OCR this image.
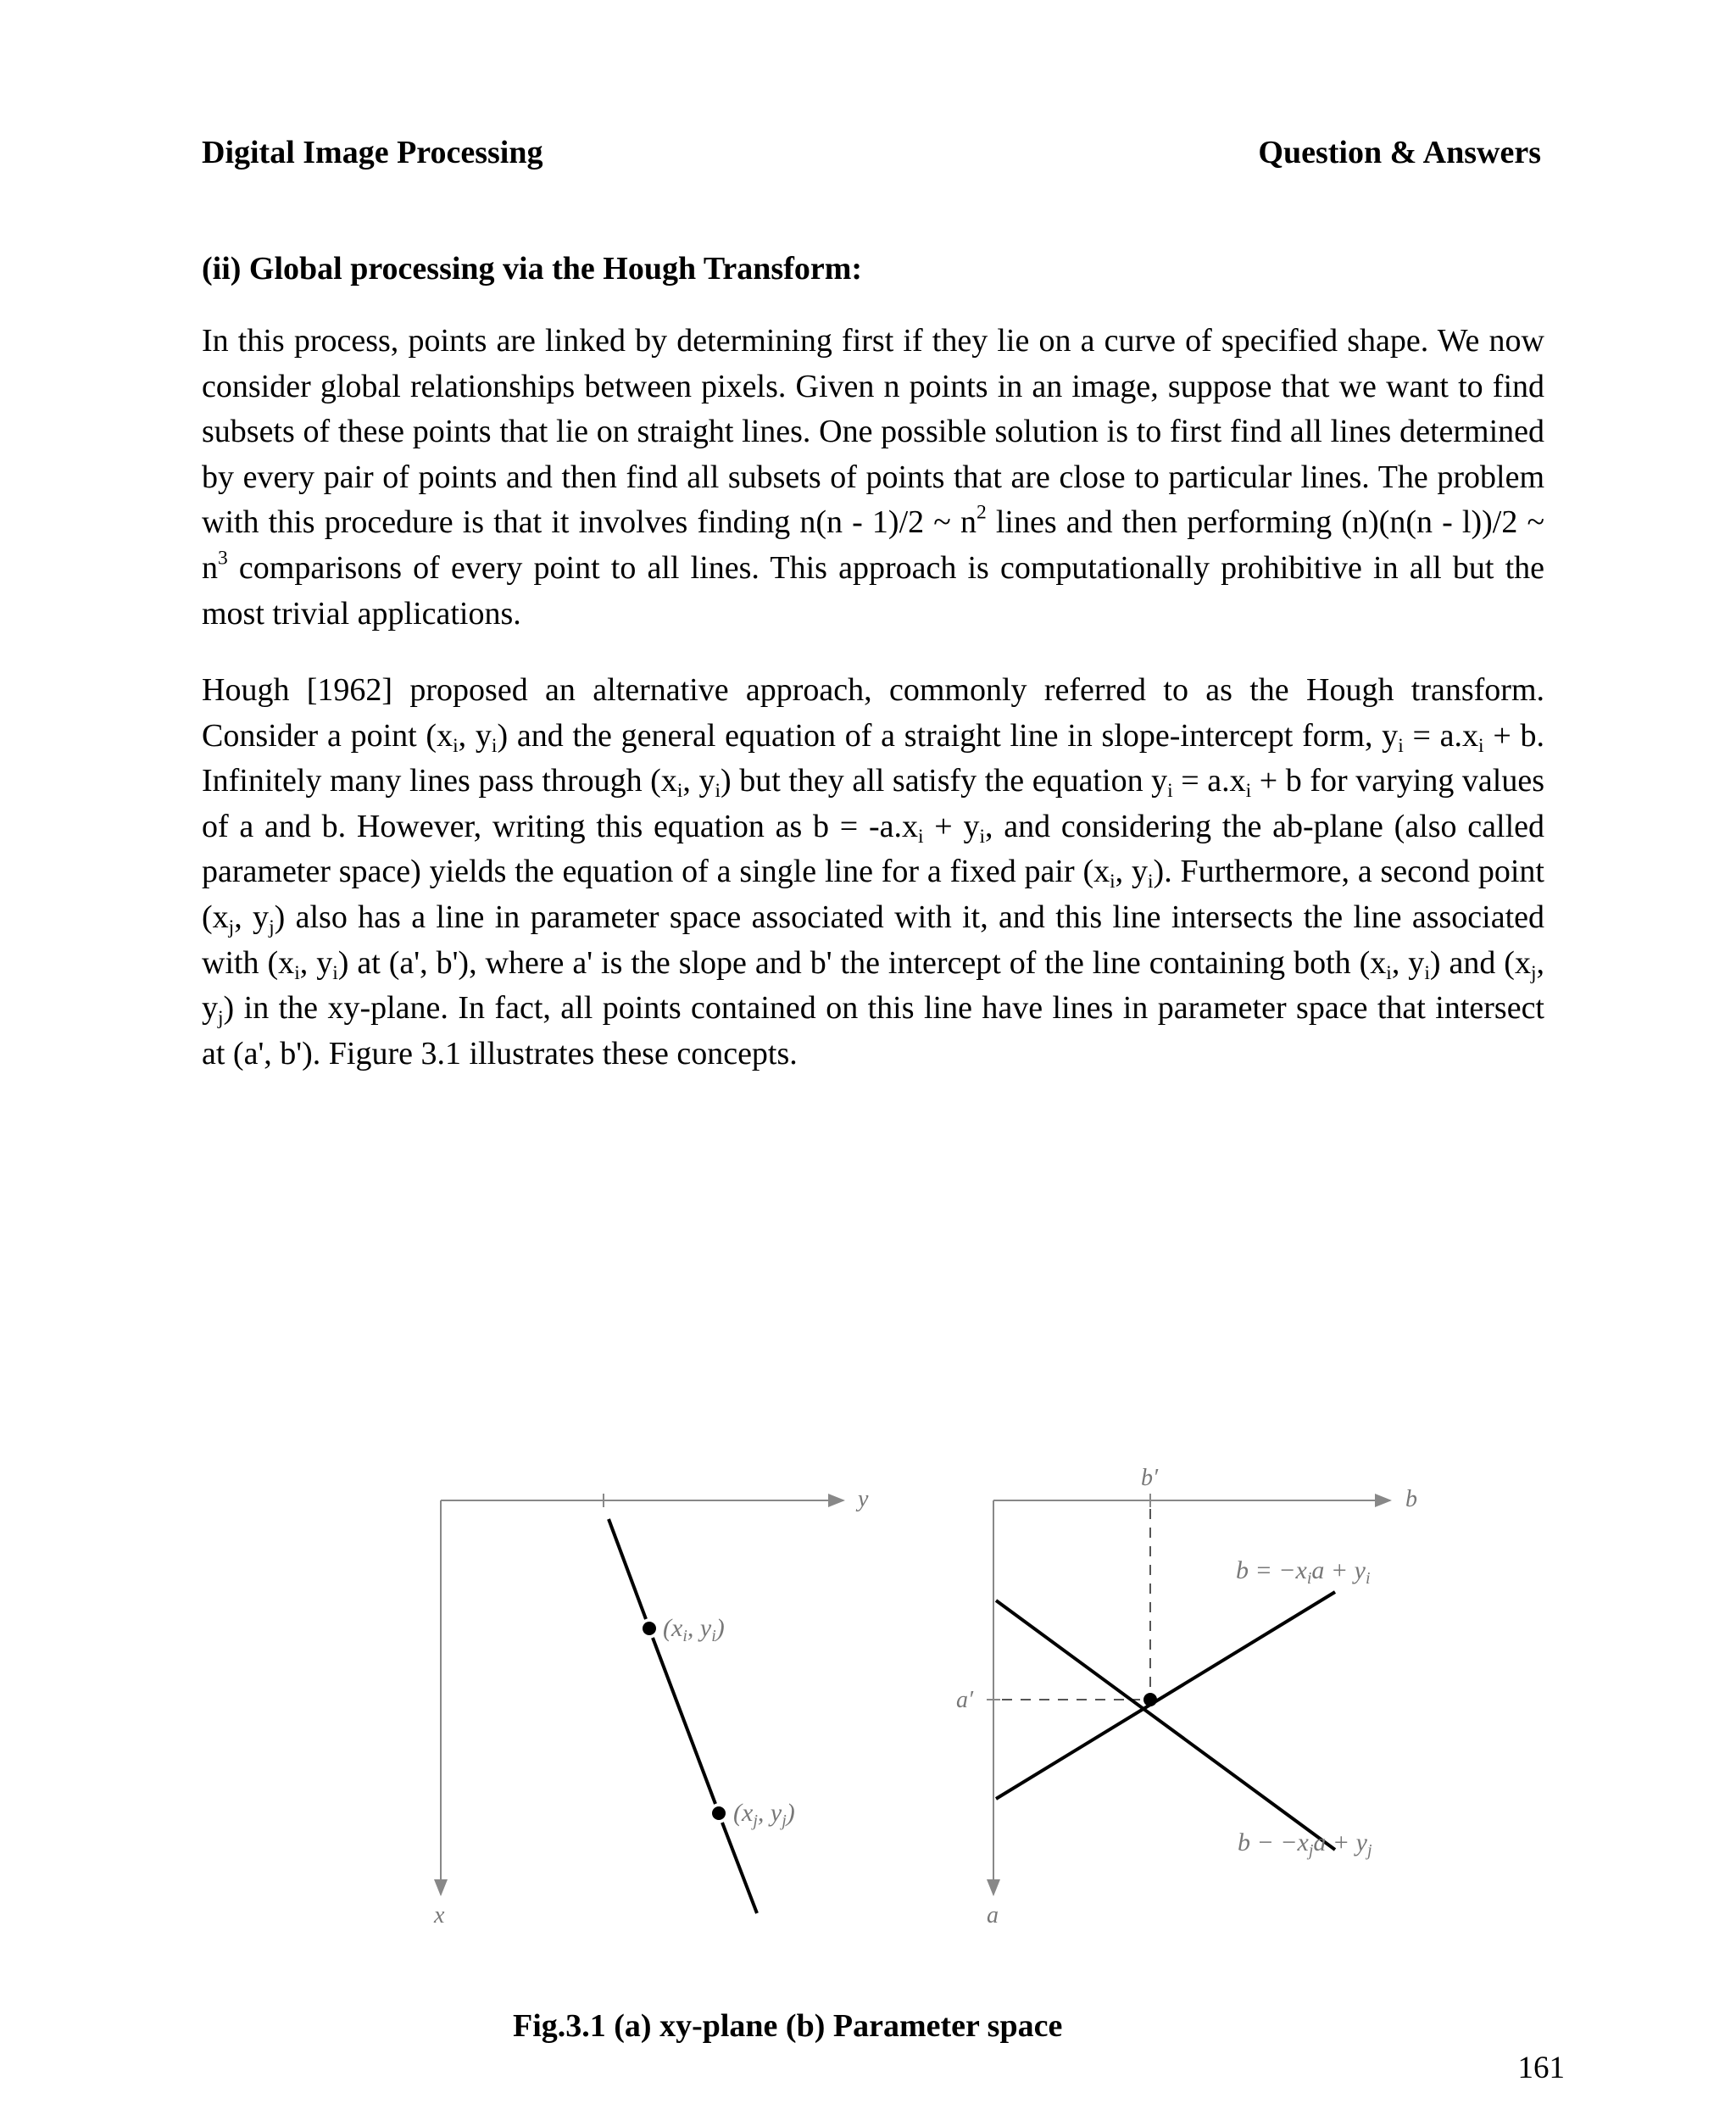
Digital Image Processing	Question & Answers
(ii) Global processing via the Hough Transform:
In this process, points are linked by determining first if they lie on a curve of specified shape. We now consider global relationships between pixels. Given n points in an image, suppose that we want to find subsets of these points that lie on straight lines. One possible solution is to first find all lines determined by every pair of points and then find all subsets of points that are close to particular lines. The problem with this procedure is that it involves finding n(n - 1)/2 ~ $n^2$ lines and then performing (n)(n(n - l))/2 ~ $n^3$ comparisons of every point to all lines. This approach is computationally prohibitive in all but the most trivial applications.
Hough [1962] proposed an alternative approach, commonly referred to as the Hough transform. Consider a point ($x_i$, $y_i$) and the general equation of a straight line in slope-intercept form, $y_i = a.x_i + b$. Infinitely many lines pass through ($x_i$, $y_i$) but they all satisfy the equation $y_i = a.x_i + b$ for varying values of a and b. However, writing this equation as $b = -a.x_i + y_i$, and considering the ab-plane (also called parameter space) yields the equation of a single line for a fixed pair ($x_i$, $y_i$). Furthermore, a second point ($x_j$, $y_j$) also has a line in parameter space associated with it, and this line intersects the line associated with ($x_i$, $y_i$) at (a', b'), where a' is the slope and b' the intercept of the line containing both ($x_i$, $y_i$) and ($x_j$, $y_j$) in the xy-plane. In fact, all points contained on this line have lines in parameter space that intersect at (a', b'). Figure 3.1 illustrates these concepts.
y
x
($x_i$, $y_i$)
($x_j$, $y_j$)
b
a
b′
a′
$b = -x_ia + y_i$
$b - -x_ja + y_j$
Fig.3.1 (a) xy-plane (b) Parameter space
161
